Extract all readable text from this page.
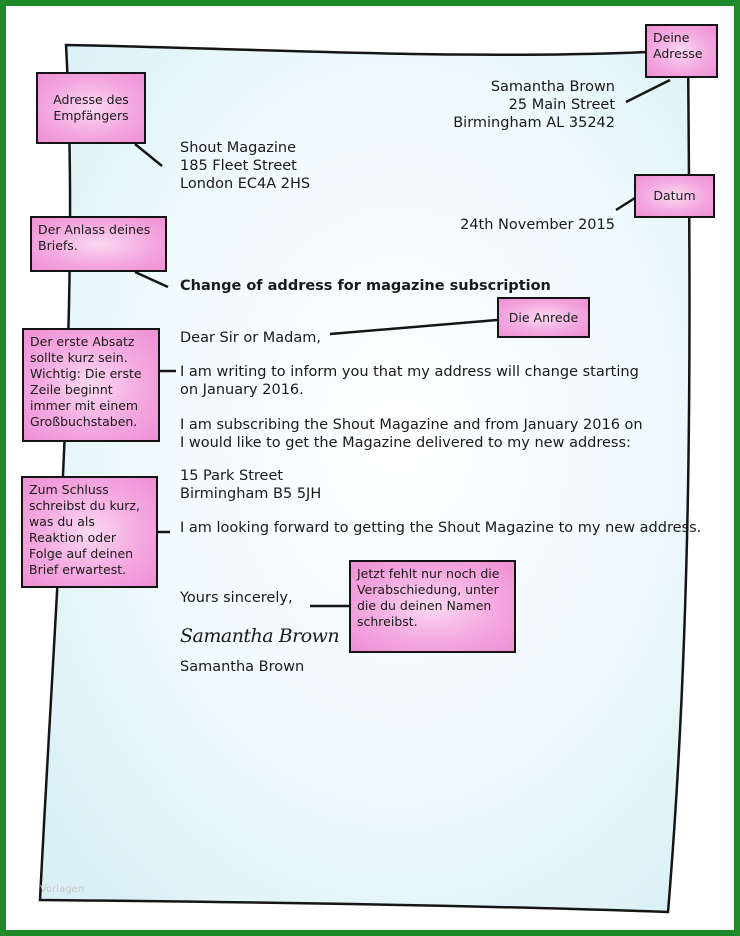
Samantha Brown
25 Main Street
Birmingham AL 35242
Shout Magazine
185 Fleet Street
London EC4A 2HS
24th November 2015
Change of address for magazine subscription
Dear Sir or Madam,
I am writing to inform you that my address will change starting
on January 2016.
I am subscribing the Shout Magazine and from January 2016 on
I would like to get the Magazine delivered to my new address:
15 Park Street
Birmingham B5 5JH
I am looking forward to getting the Shout Magazine to my new address.
Yours sincerely,
Samantha Brown
Samantha Brown
Deine Adresse
Adresse des Empfängers
Datum
Der Anlass deines Briefs.
Die Anrede
Der erste Absatz sollte kurz sein. Wichtig: Die erste Zeile beginnt immer mit einem Großbuchstaben.
Zum Schluss schreibst du kurz, was du als Reaktion oder Folge auf deinen Brief erwartest.	Jetzt fehlt nur noch die Verabschiedung, unter die du deinen Namen schreibst.
Vorlagen
